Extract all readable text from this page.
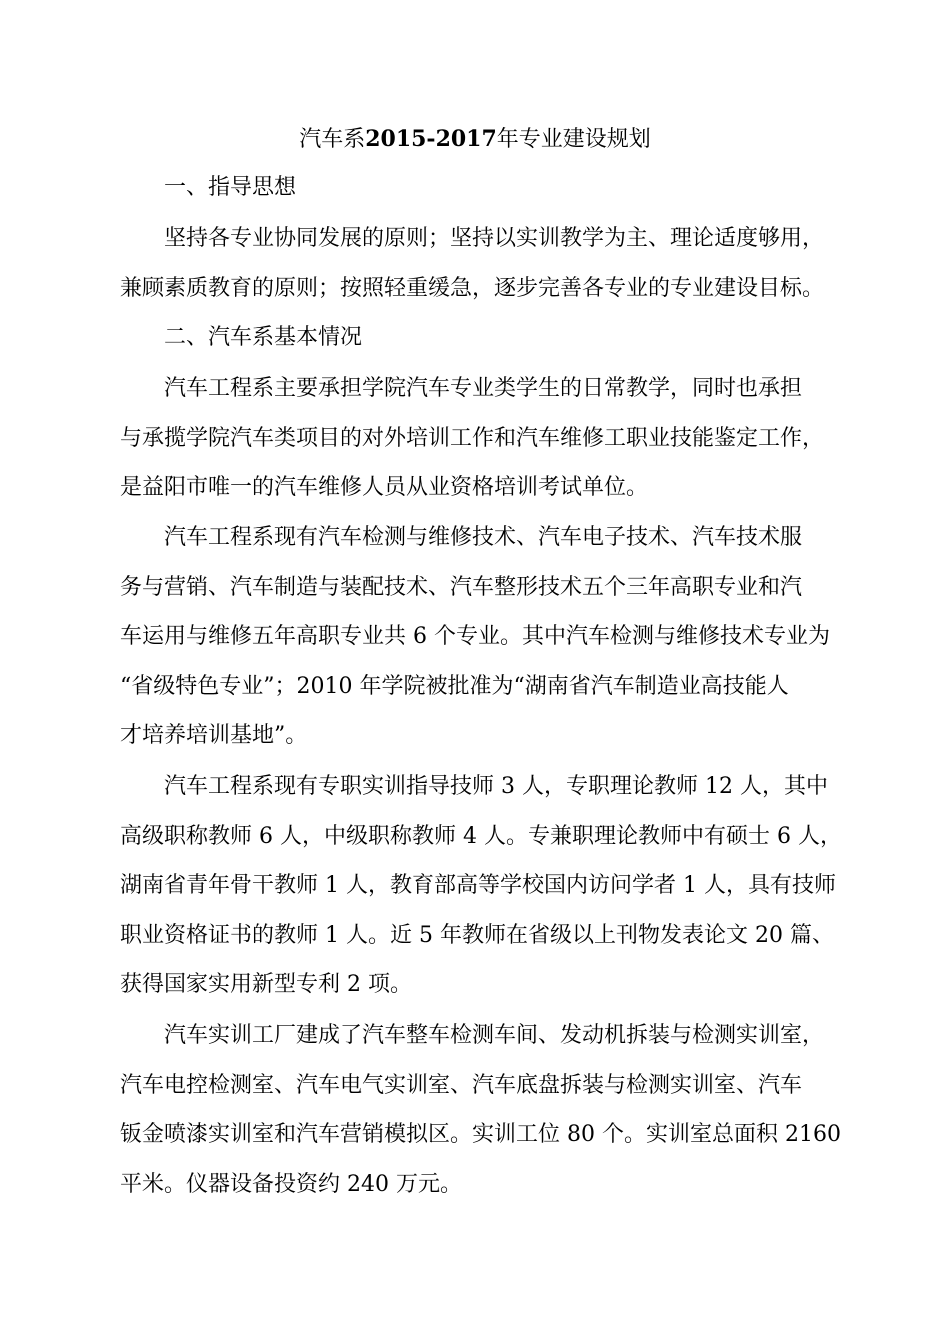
汽车系2015-2017年专业建设规划
一、指导思想
坚持各专业协同发展的原则；坚持以实训教学为主、理论适度够用，
兼顾素质教育的原则；按照轻重缓急，逐步完善各专业的专业建设目标。
二、汽车系基本情况
汽车工程系主要承担学院汽车专业类学生的日常教学，同时也承担
与承揽学院汽车类项目的对外培训工作和汽车维修工职业技能鉴定工作，
是益阳市唯一的汽车维修人员从业资格培训考试单位。
汽车工程系现有汽车检测与维修技术、汽车电子技术、汽车技术服
务与营销、汽车制造与装配技术、汽车整形技术五个三年高职专业和汽
车运用与维修五年高职专业共 6 个专业。其中汽车检测与维修技术专业为
“省级特色专业”；2010 年学院被批准为“湖南省汽车制造业高技能人
才培养培训基地”。
汽车工程系现有专职实训指导技师 3 人，专职理论教师 12 人，其中
高级职称教师 6 人，中级职称教师 4 人。专兼职理论教师中有硕士 6 人，
湖南省青年骨干教师 1 人，教育部高等学校国内访问学者 1 人，具有技师
职业资格证书的教师 1 人。近 5 年教师在省级以上刊物发表论文 20 篇、
获得国家实用新型专利 2 项。
汽车实训工厂建成了汽车整车检测车间、发动机拆装与检测实训室，
汽车电控检测室、汽车电气实训室、汽车底盘拆装与检测实训室、汽车
钣金喷漆实训室和汽车营销模拟区。实训工位 80 个。实训室总面积 2160
平米。仪器设备投资约 240 万元。
